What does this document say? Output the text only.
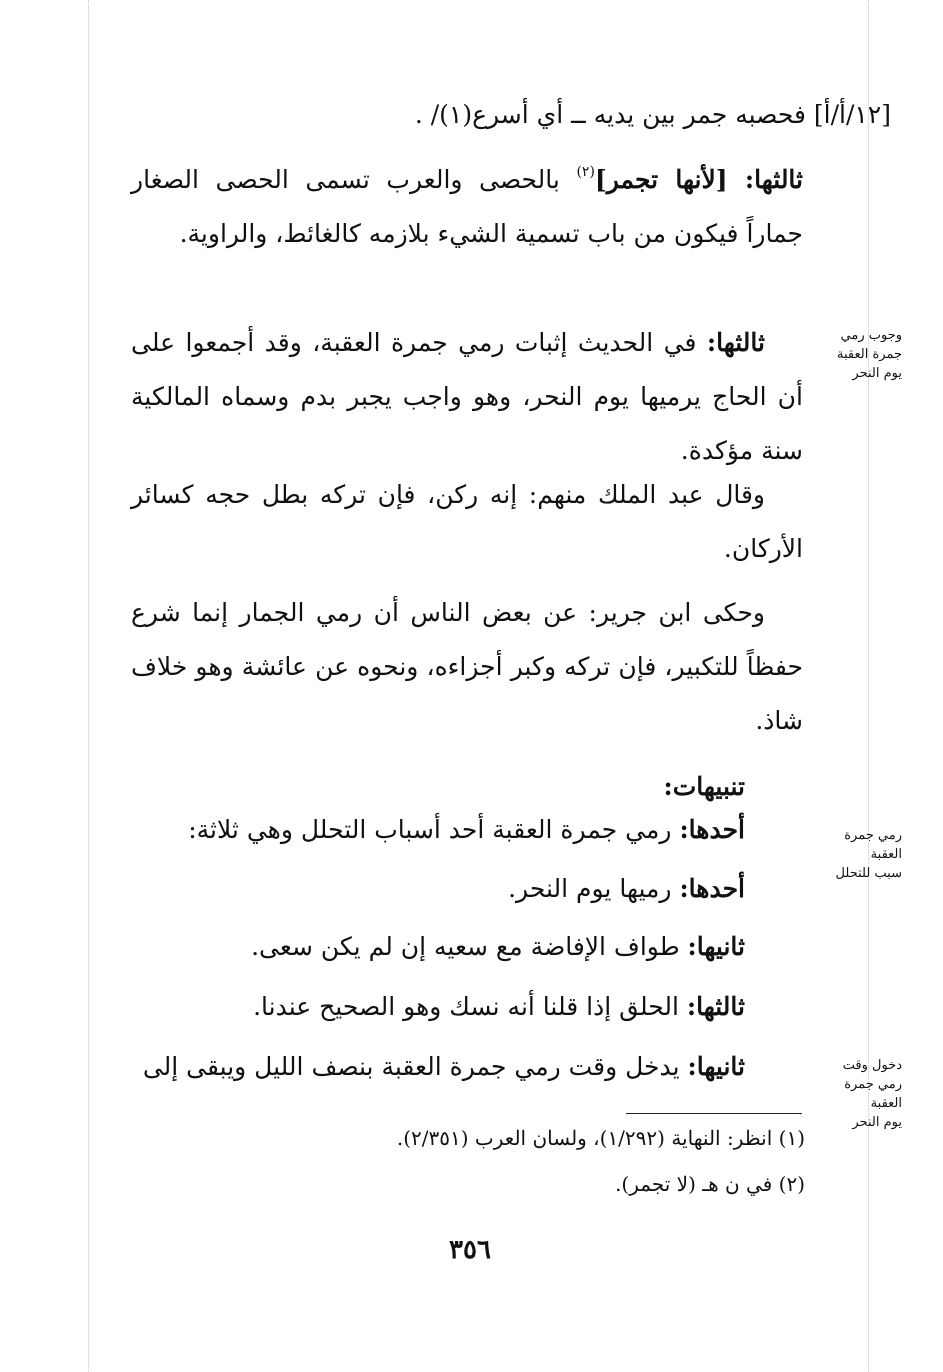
[١٢/أ/أ] فحصبه جمر بين يديه ــ أي أسرع(١)/ .

ثالثها: [لأنها تجمر]$^{(٢)}$ بالحصى والعرب تسمى الحصى الصغار جماراً فيكون من باب تسمية الشيء بلازمه كالغائط، والراوية.

وجوب رمي
جمرة العقبة
يوم النحر

ثالثها: في الحديث إثبات رمي جمرة العقبة، وقد أجمعوا على أن الحاج يرميها يوم النحر، وهو واجب يجبر بدم وسماه المالكية سنة مؤكدة.

وقال عبد الملك منهم: إنه ركن، فإن تركه بطل حجه كسائر الأركان.

وحكى ابن جرير: عن بعض الناس أن رمي الجمار إنما شرع حفظاً للتكبير، فإن تركه وكبر أجزاءه، ونحوه عن عائشة وهو خلاف شاذ.

تنبيهات:
رمي جمرة العقبة
سبب للتحلل

أحدها: رمي جمرة العقبة أحد أسباب التحلل وهي ثلاثة:

أحدها: رميها يوم النحر.

ثانيها: طواف الإفاضة مع سعيه إن لم يكن سعى.

ثالثها: الحلق إذا قلنا أنه نسك وهو الصحيح عندنا.

دخول وقت
رمي جمرة العقبة
يوم النحر

ثانيها: يدخل وقت رمي جمرة العقبة بنصف الليل ويبقى إلى

(١) انظر: النهاية (١/٢٩٢)، ولسان العرب (٢/٣٥١).
(٢) في ن هـ (لا تجمر).
٣٥٦
